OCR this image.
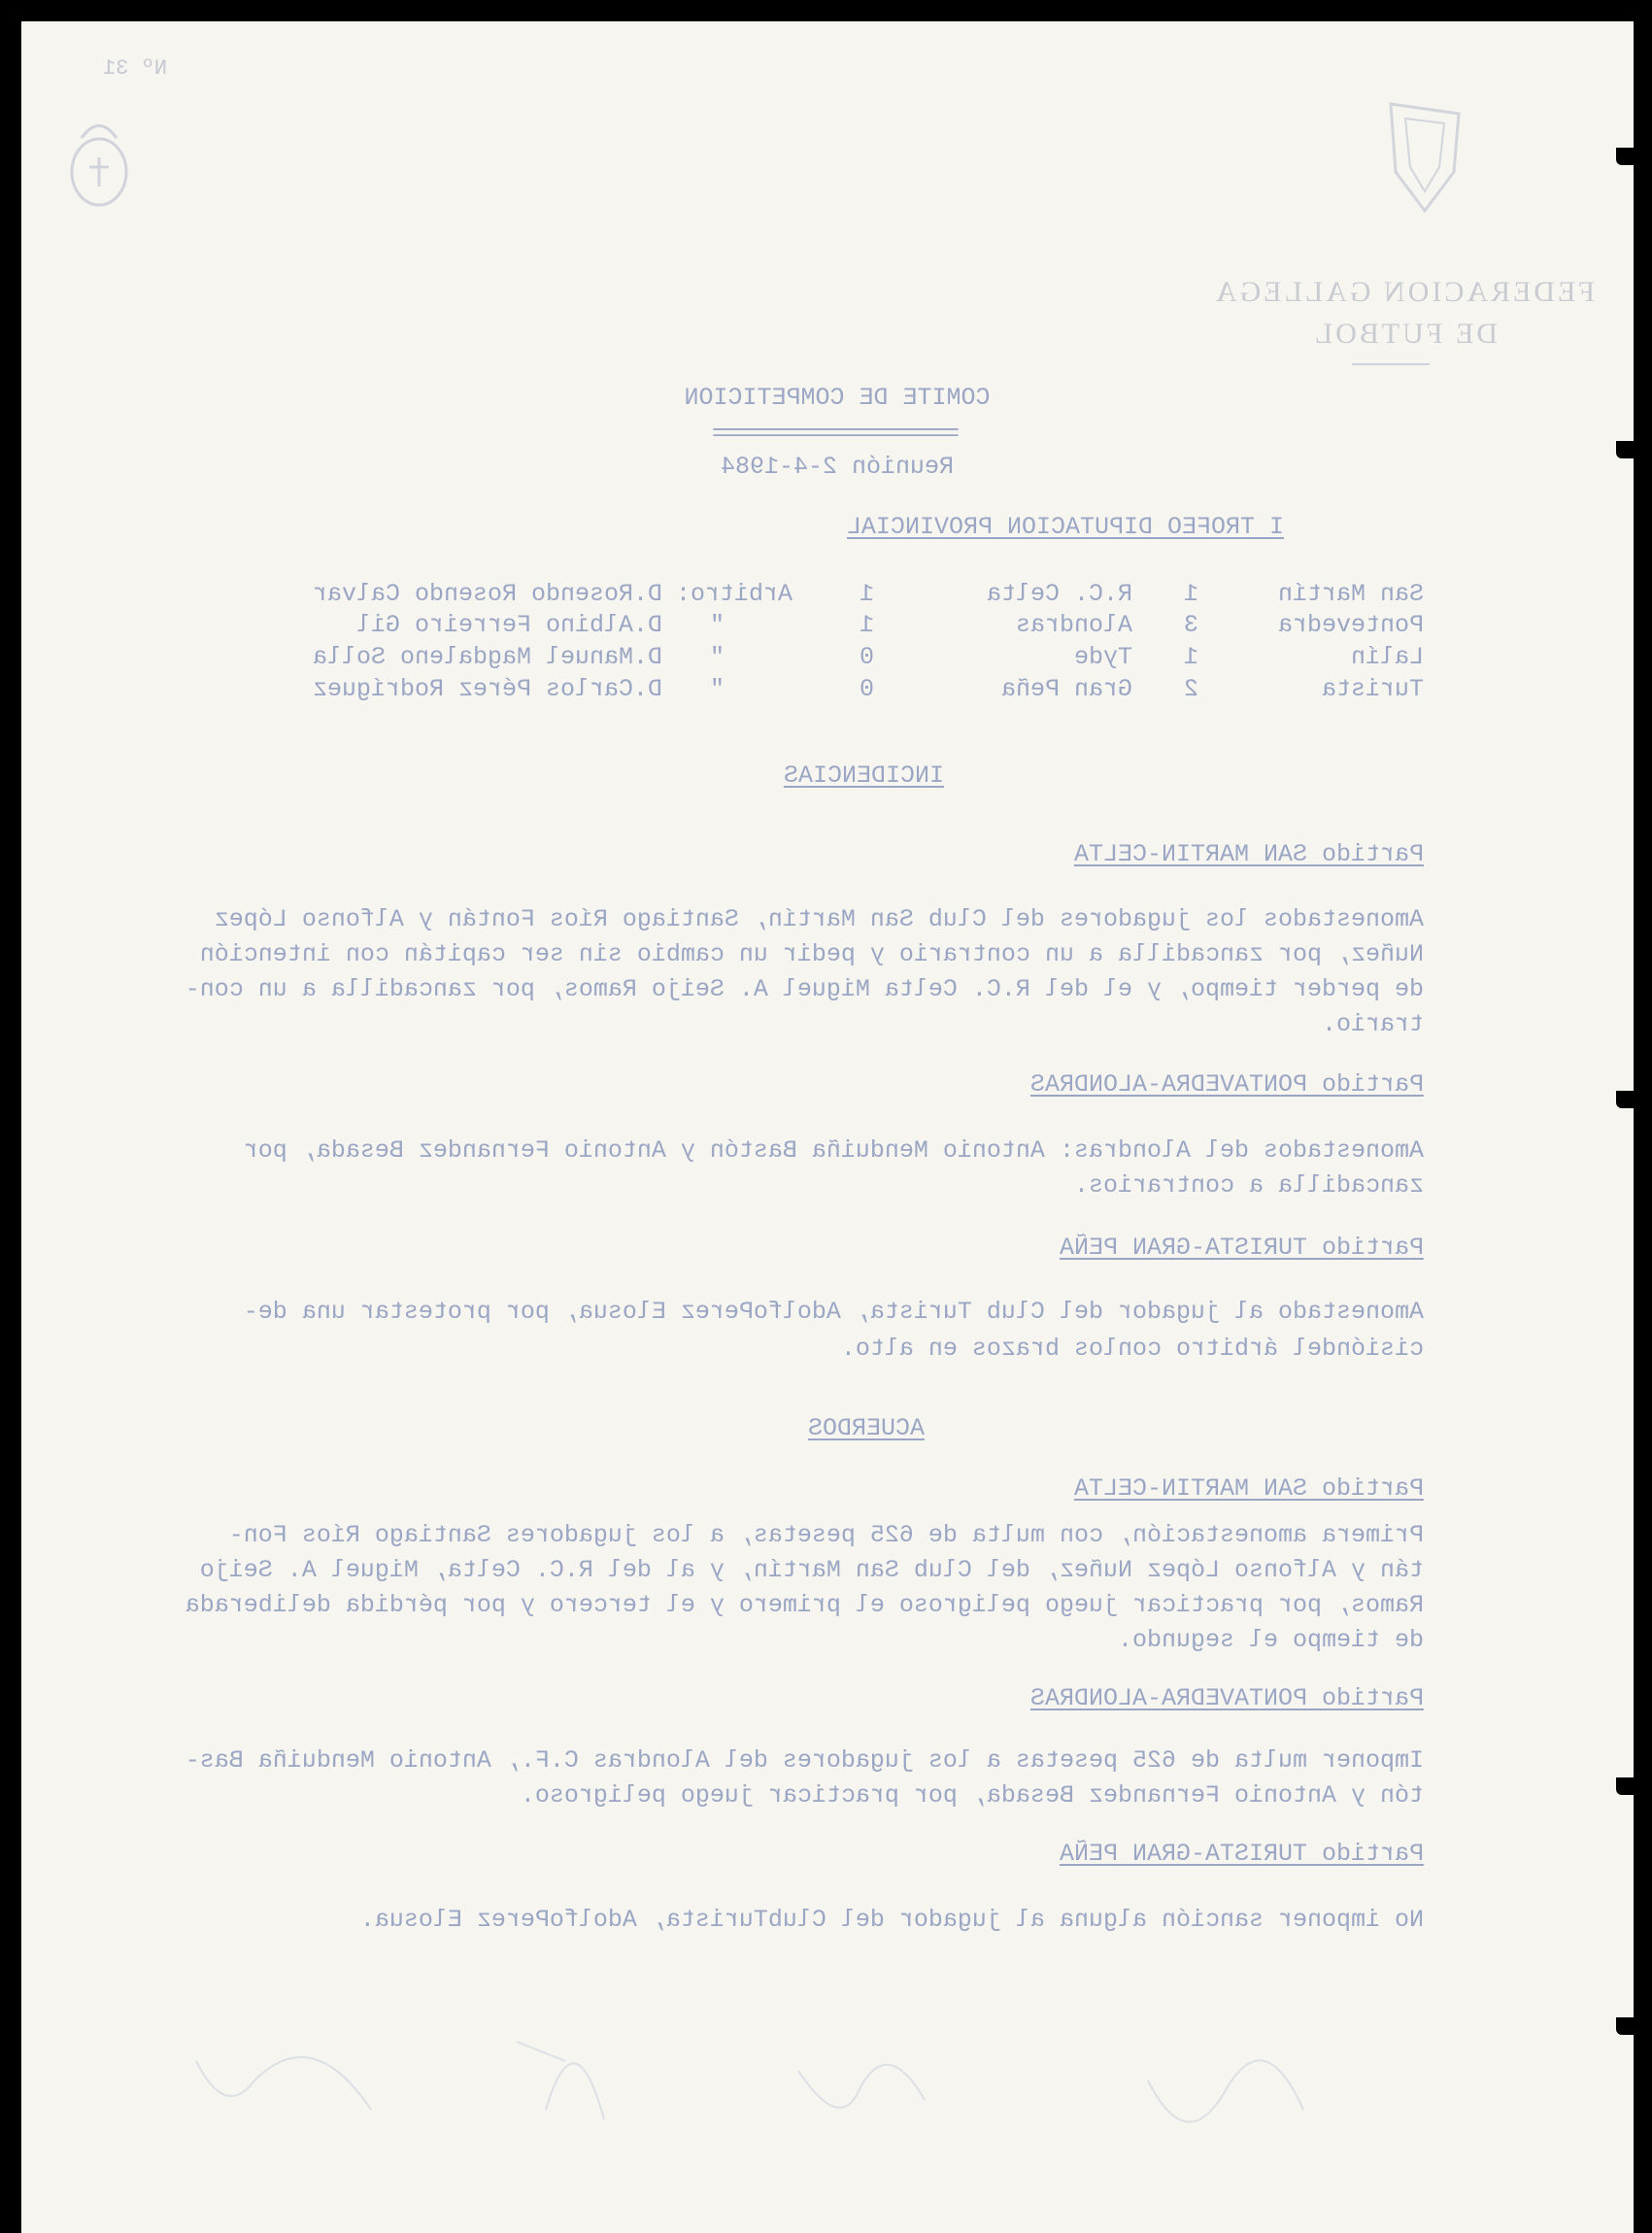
Nº 31
FEDERACION GALLEGA
DE FUTBOL
COMITE DE COMPETICION
=====================
Reunión 2-4-1984
I TROFEO DIPUTACION PROVINCIAL
San Martín
1
R.C. Celta
1
Arbitro:
D.Rosendo Rosendo Calvar
Pontevedra
3
Alondras
1
"
D.Albino Ferreiro Gil
Lalín
1
Tyde
0
"
D.Manuel Magdaleno Solla
Turista
2
Gran Peña
0
"
D.Carlos Pérez Rodríguez
INCIDENCIAS
Partido SAN MARTIN-CELTA
Amonestados los jugadores del Club San Martín, Santiago Ríos Fontán y Alfonso López
Nuñez, por zancadilla a un contrario y pedir un cambio sin ser capitán con intención
de perder tiempo, y el del R.C. Celta Miguel A. Seijo Ramos, por zancadilla a un con-
trario.
Partido PONTAVEDRA-ALONDRAS
Amonestados del Alondras: Antonio Menduiña Bastón y Antonio Fernandez Besada, por
zancadilla a contrarios.
Partido TURISTA-GRAN PEÑA
Amonestado al jugador del Club Turista, AdolfoPerez Elosua, por protestar una de-
cisióndel árbitro conlos brazos en alto.
ACUERDOS
Partido SAN MARTIN-CELTA
Primera amonestación, con multa de 625 pesetas, a los jugadores Santiago Ríos Fon-
tán y Alfonso López Nuñez, del Club San Martín, y al del R.C. Celta, Miguel A. Seijo
Ramos, por practicar juego peligroso el primero y el tercero y por pérdida deliberada
de tiempo el segundo.
Partido PONTAVEDRA-ALONDRAS
Imponer multa de 625 pesetas a los jugadores del Alondras C.F., Antonio Menduiña Bas-
tón y Antonio Fernandez Besada, por practicar juego peligroso.
Partido TURISTA-GRAN PEÑA
No imponer sanción alguna al jugador del ClubTurista, AdolfoPerez Elosua.
